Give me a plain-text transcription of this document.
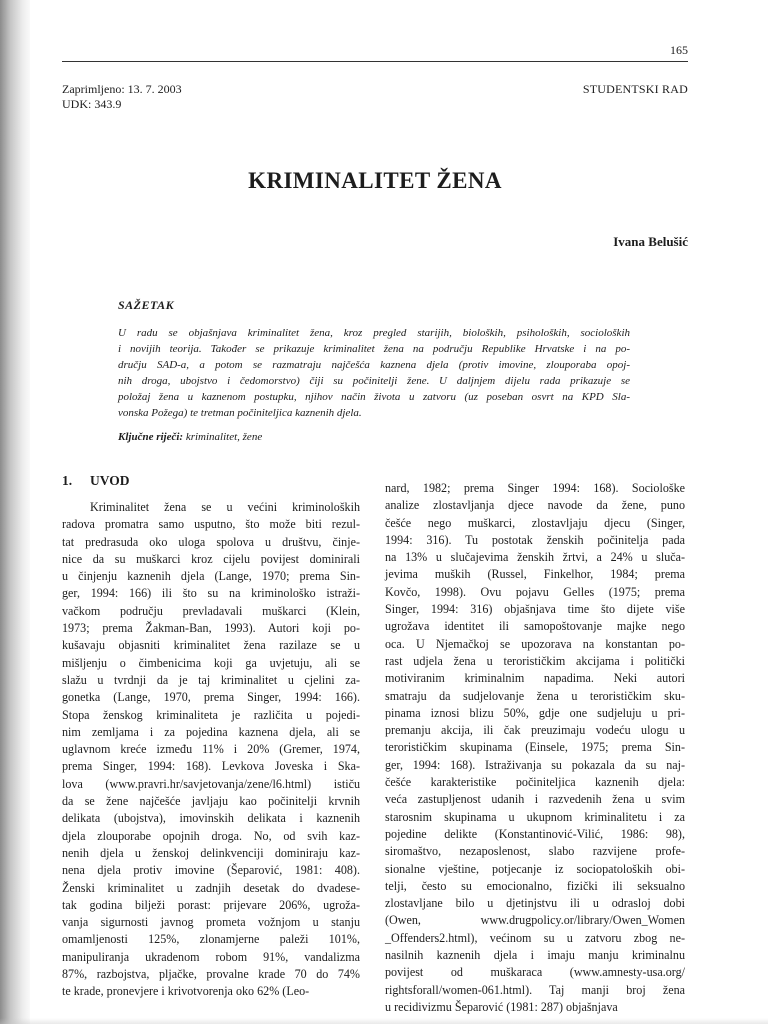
165
Zaprimljeno: 13. 7. 2003
UDK: 343.9
STUDENTSKI RAD
KRIMINALITET ŽENA
Ivana Belušić
SAŽETAK
U radu se objašnjava kriminalitet žena, kroz pregled starijih, bioloških, psiholoških, socioloških
i novijih teorija. Također se prikazuje kriminalitet žena na području Republike Hrvatske i na po-
dručju SAD-a, a potom se razmatraju najčešća kaznena djela (protiv imovine, zlouporaba opoj-
nih droga, ubojstvo i čedomorstvo) čiji su počinitelji žene. U daljnjem dijelu rada prikazuje se
položaj žena u kaznenom postupku, njihov način života u zatvoru (uz poseban osvrt na KPD Sla-
vonska Požega) te tretman počiniteljica kaznenih djela.
Ključne riječi: kriminalitet, žene
1. UVOD
Kriminalitet žena se u većini kriminoloških
radova promatra samo usputno, što može biti rezul-
tat predrasuda oko uloga spolova u društvu, činje-
nice da su muškarci kroz cijelu povijest dominirali
u činjenju kaznenih djela (Lange, 1970; prema Sin-
ger, 1994: 166) ili što su na kriminološko istraži-
vačkom području prevladavali muškarci (Klein,
1973; prema Žakman-Ban, 1993). Autori koji po-
kušavaju objasniti kriminalitet žena razilaze se u
mišljenju o čimbenicima koji ga uvjetuju, ali se
slažu u tvrdnji da je taj kriminalitet u cjelini za-
gonetka (Lange, 1970, prema Singer, 1994: 166).
Stopa ženskog kriminaliteta je različita u pojedi-
nim zemljama i za pojedina kaznena djela, ali se
uglavnom kreće između 11% i 20% (Gremer, 1974,
prema Singer, 1994: 168). Levkova Joveska i Ska-
lova (www.pravri.hr/savjetovanja/zene/l6.html) ističu
da se žene najčešće javljaju kao počinitelji krvnih
delikata (ubojstva), imovinskih delikata i kaznenih
djela zlouporabe opojnih droga. No, od svih kaz-
nenih djela u ženskoj delinkvenciji dominiraju kaz-
nena djela protiv imovine (Šeparović, 1981: 408).
Ženski kriminalitet u zadnjih desetak do dvadese-
tak godina bilježi porast: prijevare 206%, ugroža-
vanja sigurnosti javnog prometa vožnjom u stanju
omamljenosti 125%, zlonamjerne paleži 101%,
manipuliranja ukradenom robom 91%, vandalizma
87%, razbojstva, pljačke, provalne krade 70 do 74%
te krade, pronevjere i krivotvorenja oko 62% (Leo-
nard, 1982; prema Singer 1994: 168). Sociološke
analize zlostavljanja djece navode da žene, puno
češće nego muškarci, zlostavljaju djecu (Singer,
1994: 316). Tu postotak ženskih počinitelja pada
na 13% u slučajevima ženskih žrtvi, a 24% u sluča-
jevima muških (Russel, Finkelhor, 1984; prema
Kovčo, 1998). Ovu pojavu Gelles (1975; prema
Singer, 1994: 316) objašnjava time što dijete više
ugrožava identitet ili samopoštovanje majke nego
oca. U Njemačkoj se upozorava na konstantan po-
rast udjela žena u terorističkim akcijama i politički
motiviranim kriminalnim napadima. Neki autori
smatraju da sudjelovanje žena u terorističkim sku-
pinama iznosi blizu 50%, gdje one sudjeluju u pri-
premanju akcija, ili čak preuzimaju vodeću ulogu u
terorističkim skupinama (Einsele, 1975; prema Sin-
ger, 1994: 168). Istraživanja su pokazala da su naj-
češće karakteristike počiniteljica kaznenih djela:
veća zastupljenost udanih i razvedenih žena u svim
starosnim skupinama u ukupnom kriminalitetu i za
pojedine delikte (Konstantinović-Vilić, 1986: 98),
siromaštvo, nezaposlenost, slabo razvijene profe-
sionalne vještine, potjecanje iz sociopatoloških obi-
telji, često su emocionalno, fizički ili seksualno
zlostavljane bilo u djetinjstvu ili u odrasloj dobi
(Owen, www.drugpolicy.or/library/Owen_Women
_Offenders2.html), većinom su u zatvoru zbog ne-
nasilnih kaznenih djela i imaju manju kriminalnu
povijest od muškaraca (www.amnesty-usa.org/
rightsforall/women-061.html). Taj manji broj žena
u recidivizmu Šeparović (1981: 287) objašnjava
